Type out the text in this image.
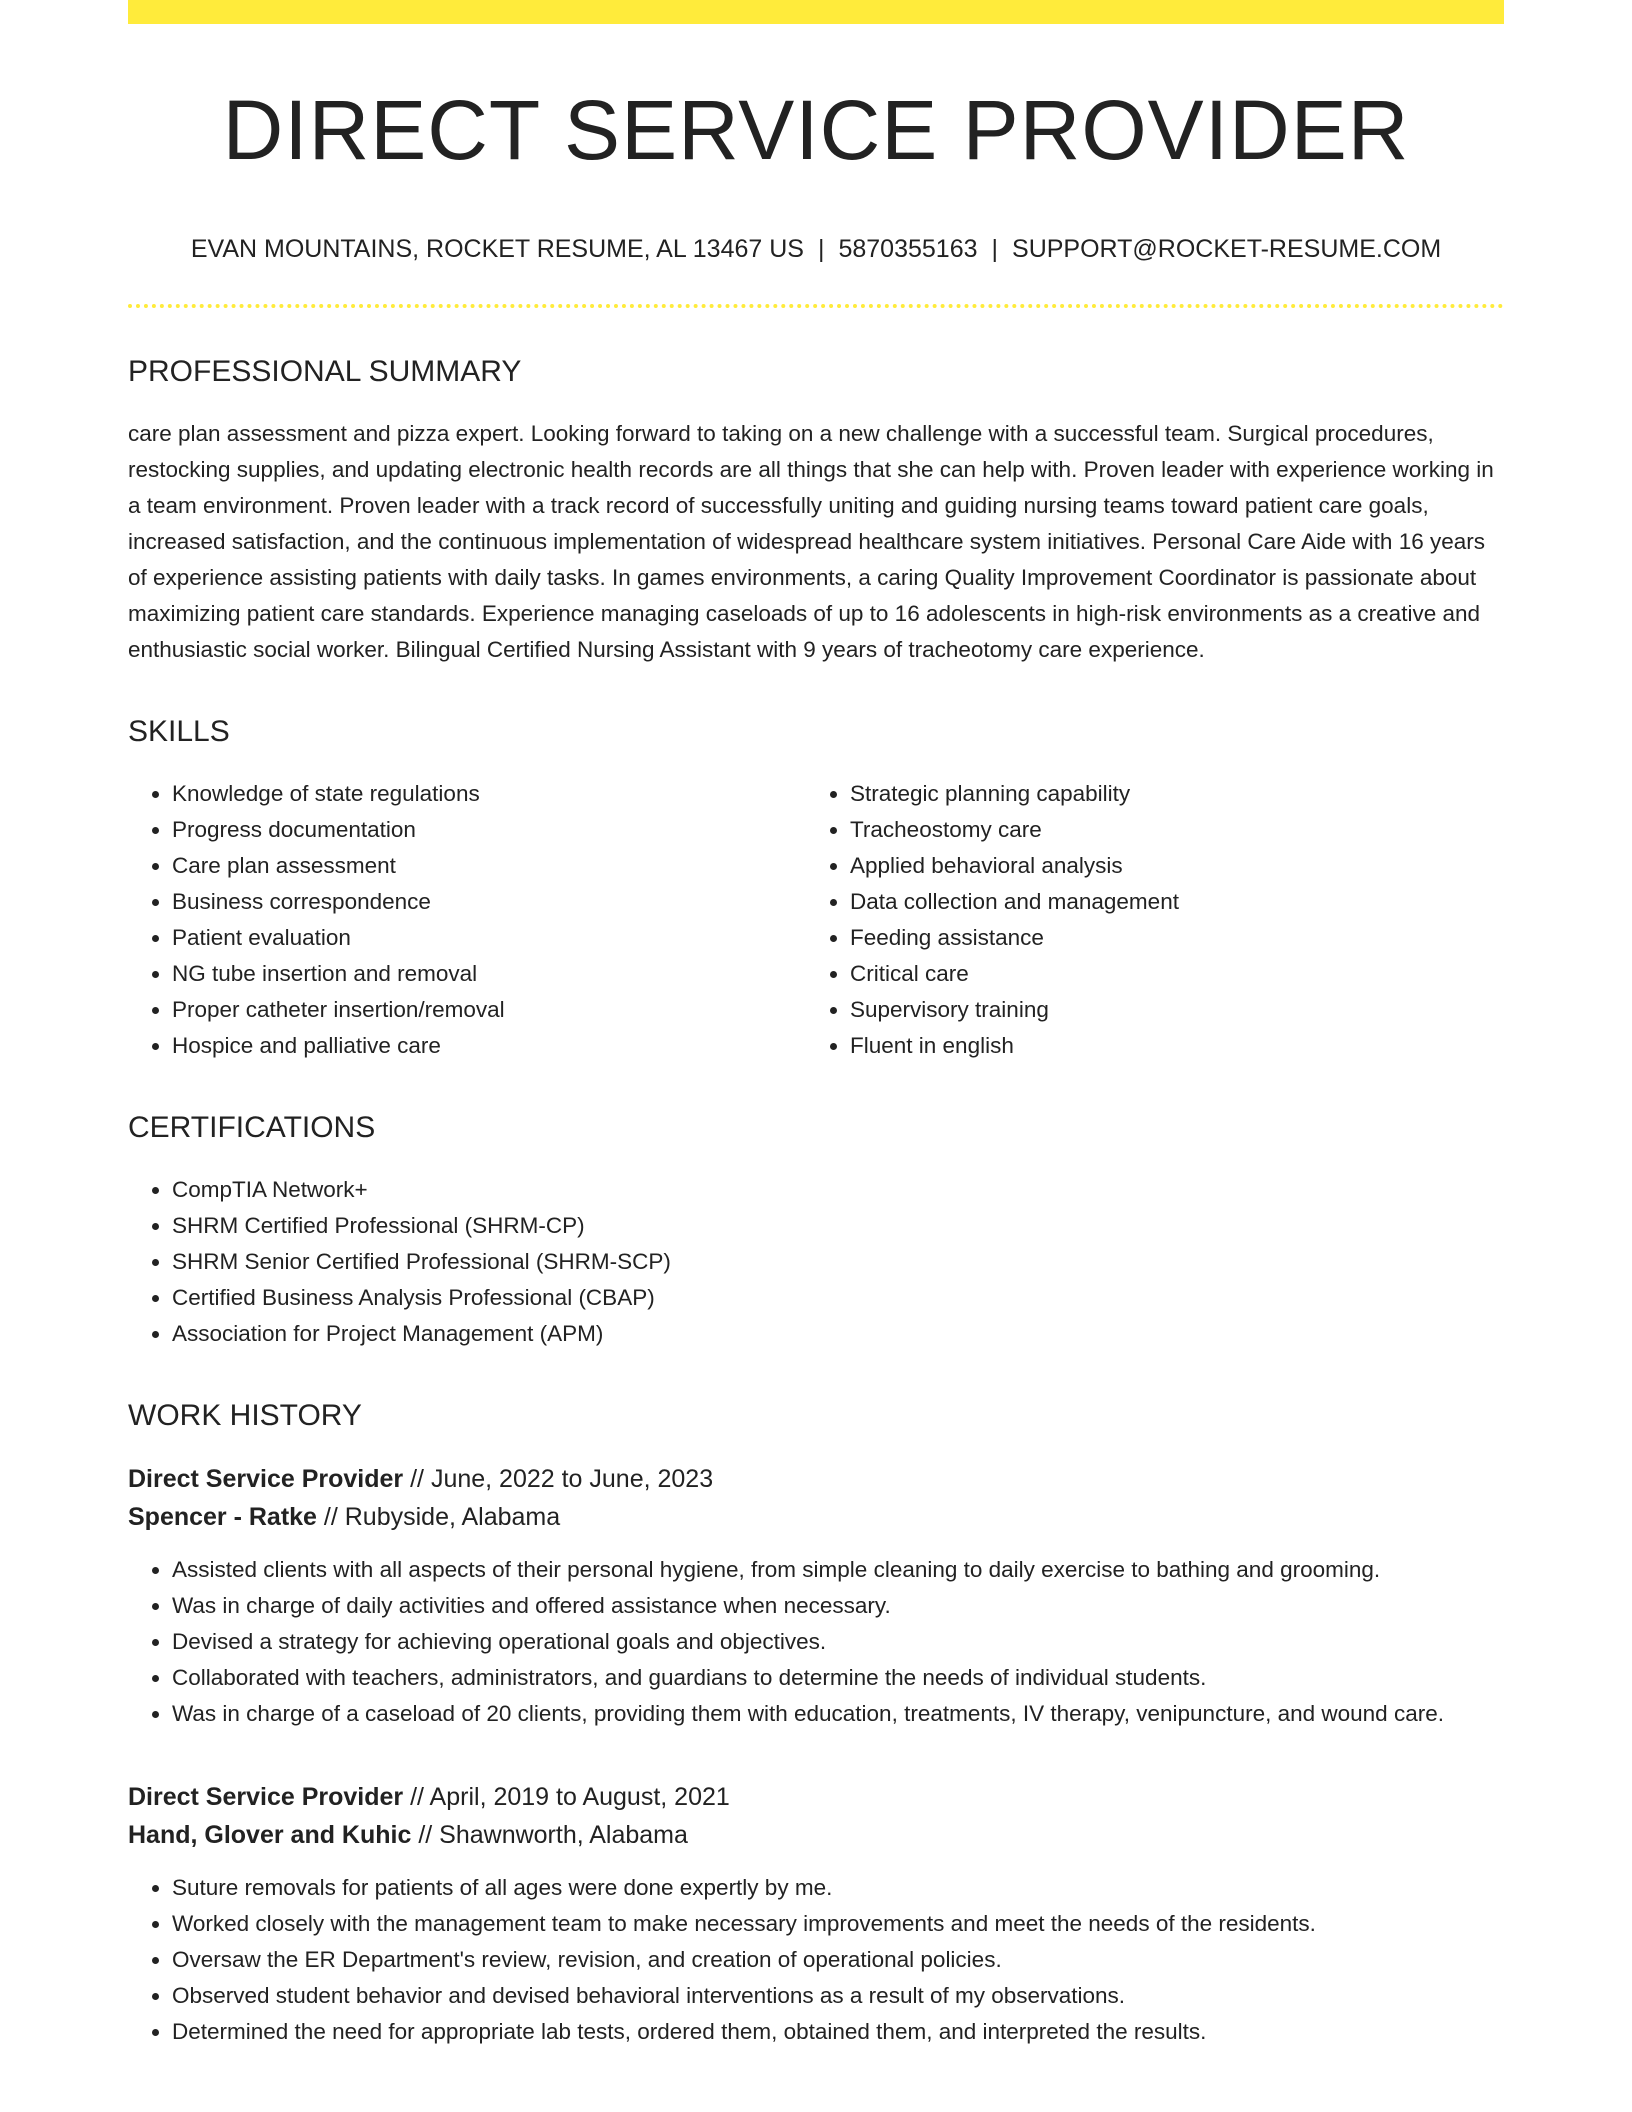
DIRECT SERVICE PROVIDER
EVAN MOUNTAINS, ROCKET RESUME, AL 13467 US | 5870355163 | SUPPORT@ROCKET-RESUME.COM
PROFESSIONAL SUMMARY

care plan assessment and pizza expert. Looking forward to taking on a new challenge with a successful team. Surgical procedures, restocking supplies, and updating electronic health records are all things that she can help with. Proven leader with experience working in a team environment. Proven leader with a track record of successfully uniting and guiding nursing teams toward patient care goals, increased satisfaction, and the continuous implementation of widespread healthcare system initiatives. Personal Care Aide with 16 years of experience assisting patients with daily tasks. In games environments, a caring Quality Improvement Coordinator is passionate about maximizing patient care standards. Experience managing caseloads of up to 16 adolescents in high-risk environments as a creative and enthusiastic social worker. Bilingual Certified Nursing Assistant with 9 years of tracheotomy care experience.

SKILLS
• Knowledge of state regulations
• Progress documentation
• Care plan assessment
• Business correspondence
• Patient evaluation
• NG tube insertion and removal
• Proper catheter insertion/removal
• Hospice and palliative care
• Strategic planning capability
• Tracheostomy care
• Applied behavioral analysis
• Data collection and management
• Feeding assistance
• Critical care
• Supervisory training
• Fluent in english
CERTIFICATIONS
• CompTIA Network+
• SHRM Certified Professional (SHRM-CP)
• SHRM Senior Certified Professional (SHRM-SCP)
• Certified Business Analysis Professional (CBAP)
• Association for Project Management (APM)
WORK HISTORY
Direct Service Provider // June, 2022 to June, 2023
Spencer - Ratke // Rubyside, Alabama
• Assisted clients with all aspects of their personal hygiene, from simple cleaning to daily exercise to bathing and grooming.
• Was in charge of daily activities and offered assistance when necessary.
• Devised a strategy for achieving operational goals and objectives.
• Collaborated with teachers, administrators, and guardians to determine the needs of individual students.
• Was in charge of a caseload of 20 clients, providing them with education, treatments, IV therapy, venipuncture, and wound care.
Direct Service Provider // April, 2019 to August, 2021
Hand, Glover and Kuhic // Shawnworth, Alabama
• Suture removals for patients of all ages were done expertly by me.
• Worked closely with the management team to make necessary improvements and meet the needs of the residents.
• Oversaw the ER Department's review, revision, and creation of operational policies.
• Observed student behavior and devised behavioral interventions as a result of my observations.
• Determined the need for appropriate lab tests, ordered them, obtained them, and interpreted the results.
